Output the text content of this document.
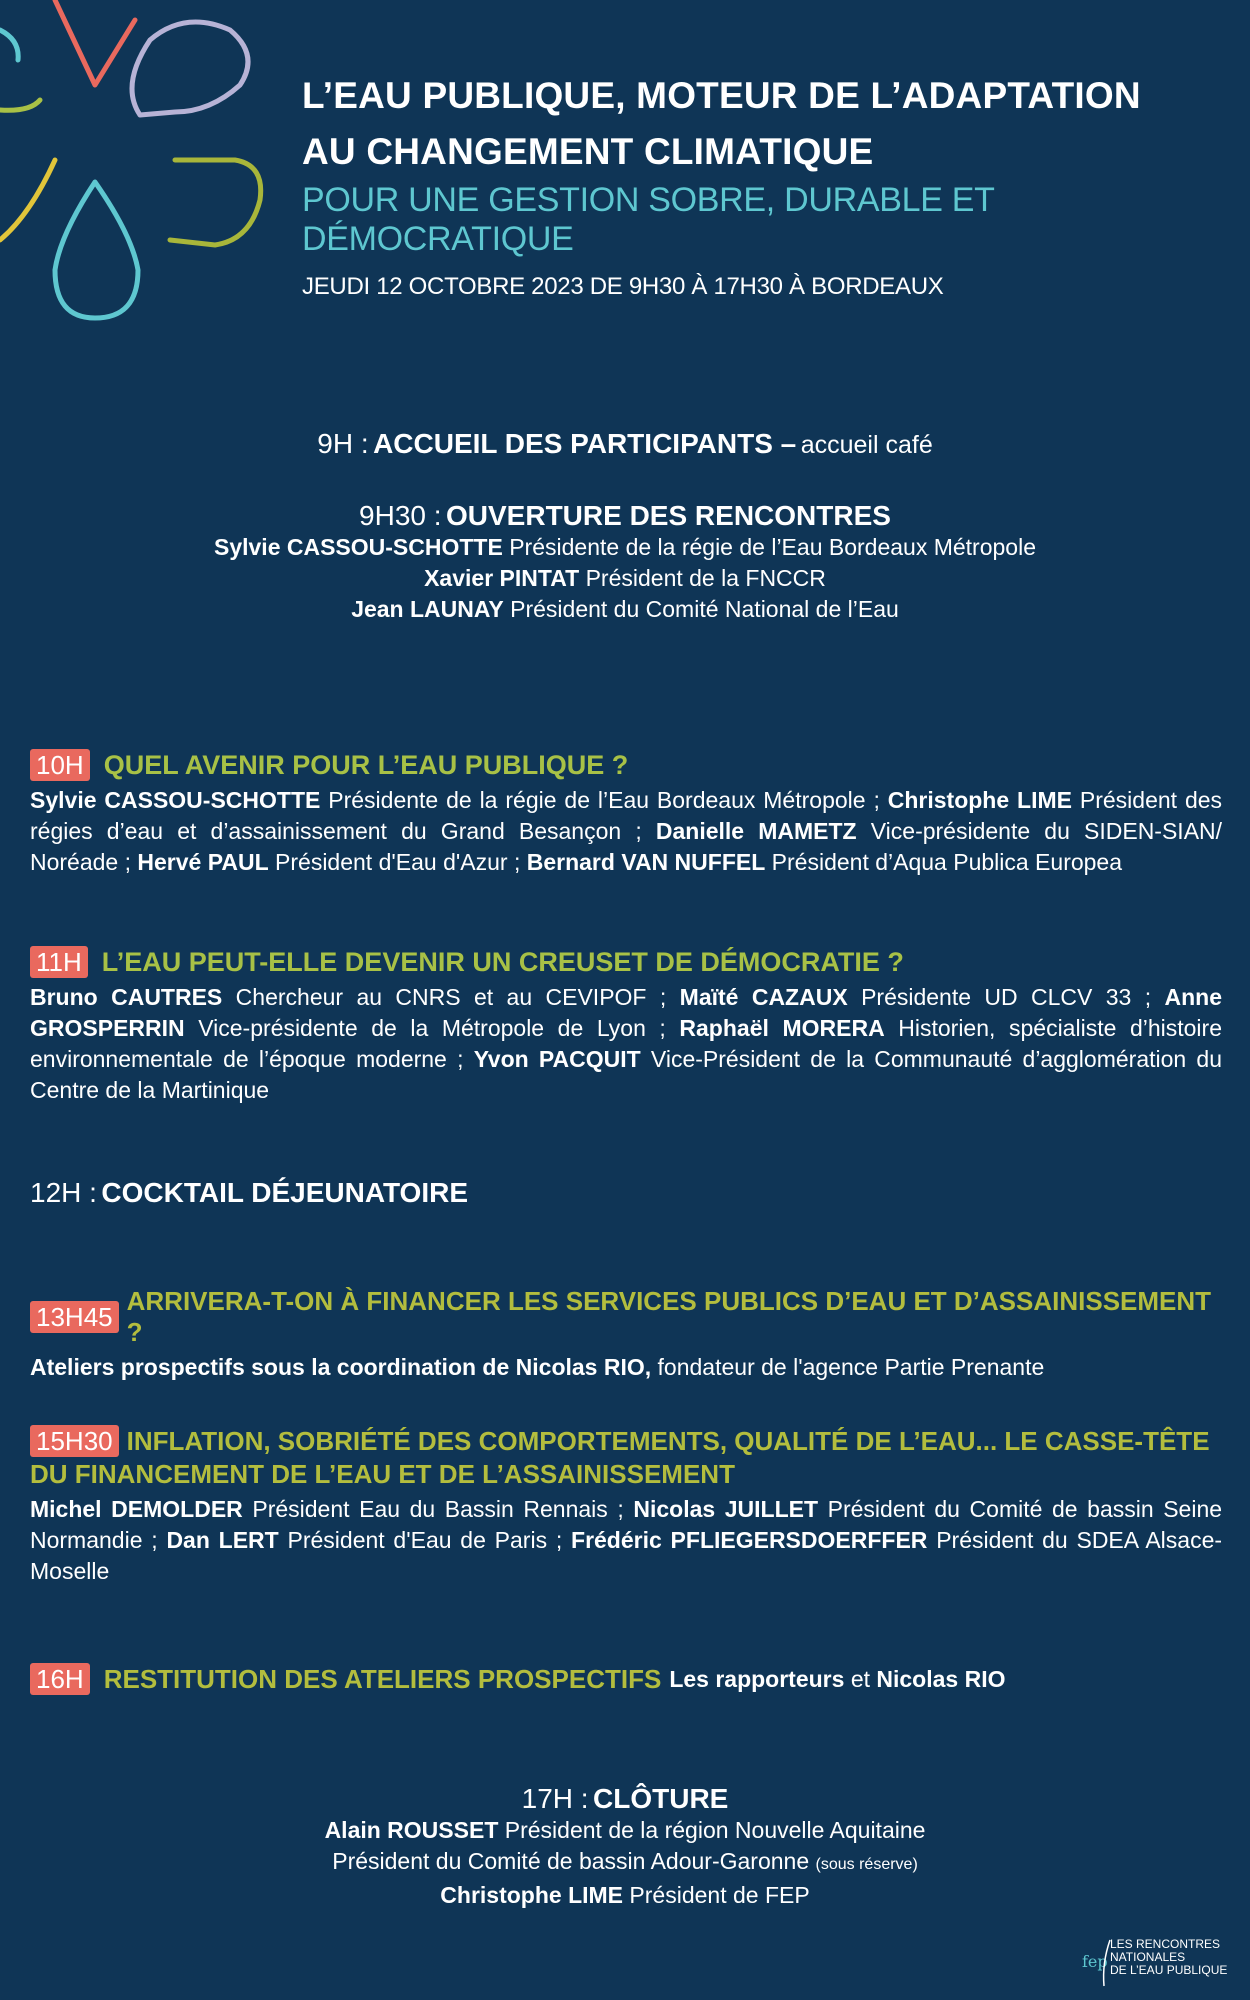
L’EAU PUBLIQUE, MOTEUR DE L’ADAPTATION
AU CHANGEMENT CLIMATIQUE
POUR UNE GESTION SOBRE, DURABLE ET DÉMOCRATIQUE
JEUDI 12 OCTOBRE 2023 DE 9H30 À 17H30 À BORDEAUX
9H : ACCUEIL DES PARTICIPANTS – accueil café
9H30 : OUVERTURE DES RENCONTRES
Sylvie CASSOU-SCHOTTE Présidente de la régie de l’Eau Bordeaux Métropole
Xavier PINTAT Président de la FNCCR
Jean LAUNAY Président du Comité National de l’Eau
10H QUEL AVENIR POUR L’EAU PUBLIQUE ?
Sylvie CASSOU-SCHOTTE Présidente de la régie de l’Eau Bordeaux Métropole ; Christophe LIME Président des régies d’eau et d’assainissement du Grand Besançon ; Danielle MAMETZ Vice-présidente du SIDEN-SIAN/ Noréade ; Hervé PAUL Président d'Eau d'Azur ; Bernard VAN NUFFEL Président d’Aqua Publica Europea
11H L’EAU PEUT-ELLE DEVENIR UN CREUSET DE DÉMOCRATIE ?
Bruno CAUTRES Chercheur au CNRS et au CEVIPOF ; Maïté CAZAUX Présidente UD CLCV 33 ; Anne GROSPERRIN Vice-présidente de la Métropole de Lyon ; Raphaël MORERA Historien, spécialiste d’histoire environnementale de l’époque moderne ; Yvon PACQUIT Vice-Président de la Communauté d’agglomération du Centre de la Martinique
12H : COCKTAIL DÉJEUNATOIRE
13H45
ARRIVERA-T-ON À FINANCER LES SERVICES PUBLICS D’EAU ET D’ASSAINISSEMENT ?
Ateliers prospectifs sous la coordination de Nicolas RIO, fondateur de l'agence Partie Prenante
15H30 INFLATION, SOBRIÉTÉ DES COMPORTEMENTS, QUALITÉ DE L’EAU... LE CASSE-TÊTE
DU FINANCEMENT DE L’EAU ET DE L’ASSAINISSEMENT
Michel DEMOLDER Président Eau du Bassin Rennais ; Nicolas JUILLET Président du Comité de bassin Seine Normandie ; Dan LERT Président d'Eau de Paris ; Frédéric PFLIEGERSDOERFFER Président du SDEA Alsace-Moselle
16H RESTITUTION DES ATELIERS PROSPECTIFS Les rapporteurs et Nicolas RIO
17H : CLÔTURE
Alain ROUSSET Président de la région Nouvelle Aquitaine
Président du Comité de bassin Adour-Garonne (sous réserve)
Christophe LIME Président de FEP
fep
LES RENCONTRES
NATIONALES
DE L’EAU PUBLIQUE
